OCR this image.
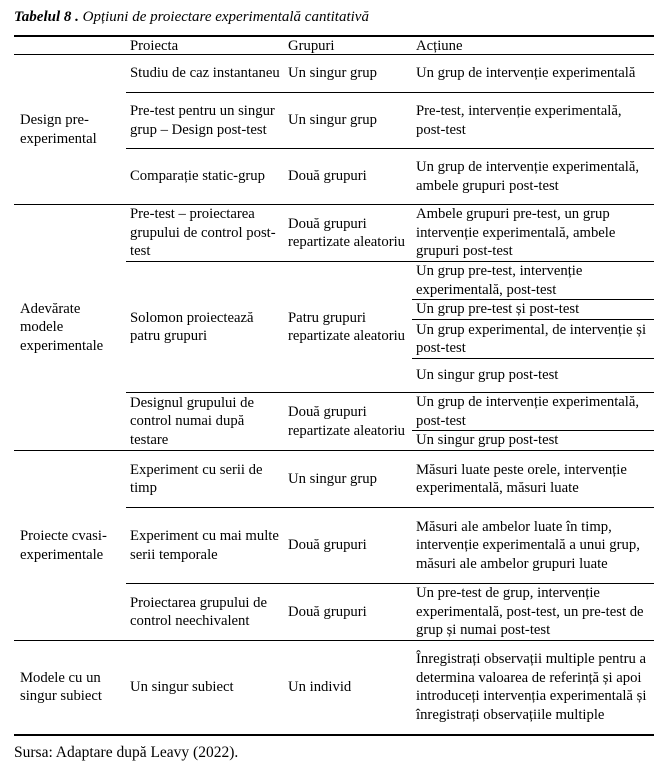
Tabelul 8 . Opțiuni de proiectare experimentală cantitativă
	Proiecta	Grupuri	Acțiune
Design pre-experimental	Studiu de caz instantaneu	Un singur grup	Un grup de intervenție experimentală
	Pre-test pentru un singur grup – Design post-test	Un singur grup	Pre-test, intervenție experimentală, post-test
	Comparație static-grup	Două grupuri	Un grup de intervenție experimentală, ambele grupuri post-test
Adevărate modele experimentale	Pre-test – proiectarea grupului de control post-test	Două grupuri repartizate aleatoriu	Ambele grupuri pre-test, un grup intervenție experimentală, ambele grupuri post-test
	Solomon proiectează patru grupuri	Patru grupuri repartizate aleatoriu	Un grup pre-test, intervenție experimentală, post-test
			Un grup pre-test și post-test
			Un grup experimental, de intervenție și post-test
			Un singur grup post-test
	Designul grupului de control numai după testare	Două grupuri repartizate aleatoriu	Un grup de intervenție experimentală, post-test
			Un singur grup post-test
Proiecte cvasi-experimentale	Experiment cu serii de timp	Un singur grup	Măsuri luate peste orele, intervenție experimentală, măsuri luate
	Experiment cu mai multe serii temporale	Două grupuri	Măsuri ale ambelor luate în timp, intervenție experimentală a unui grup, măsuri ale ambelor grupuri luate
	Proiectarea grupului de control neechivalent	Două grupuri	Un pre-test de grup, intervenție experimentală, post-test, un pre-test de grup și numai post-test
Modele cu un singur subiect	Un singur subiect	Un individ	Înregistrați observații multiple pentru a determina valoarea de referință și apoi introduceți intervenția experimentală și înregistrați observațiile multiple
Sursa: Adaptare după Leavy (2022).
